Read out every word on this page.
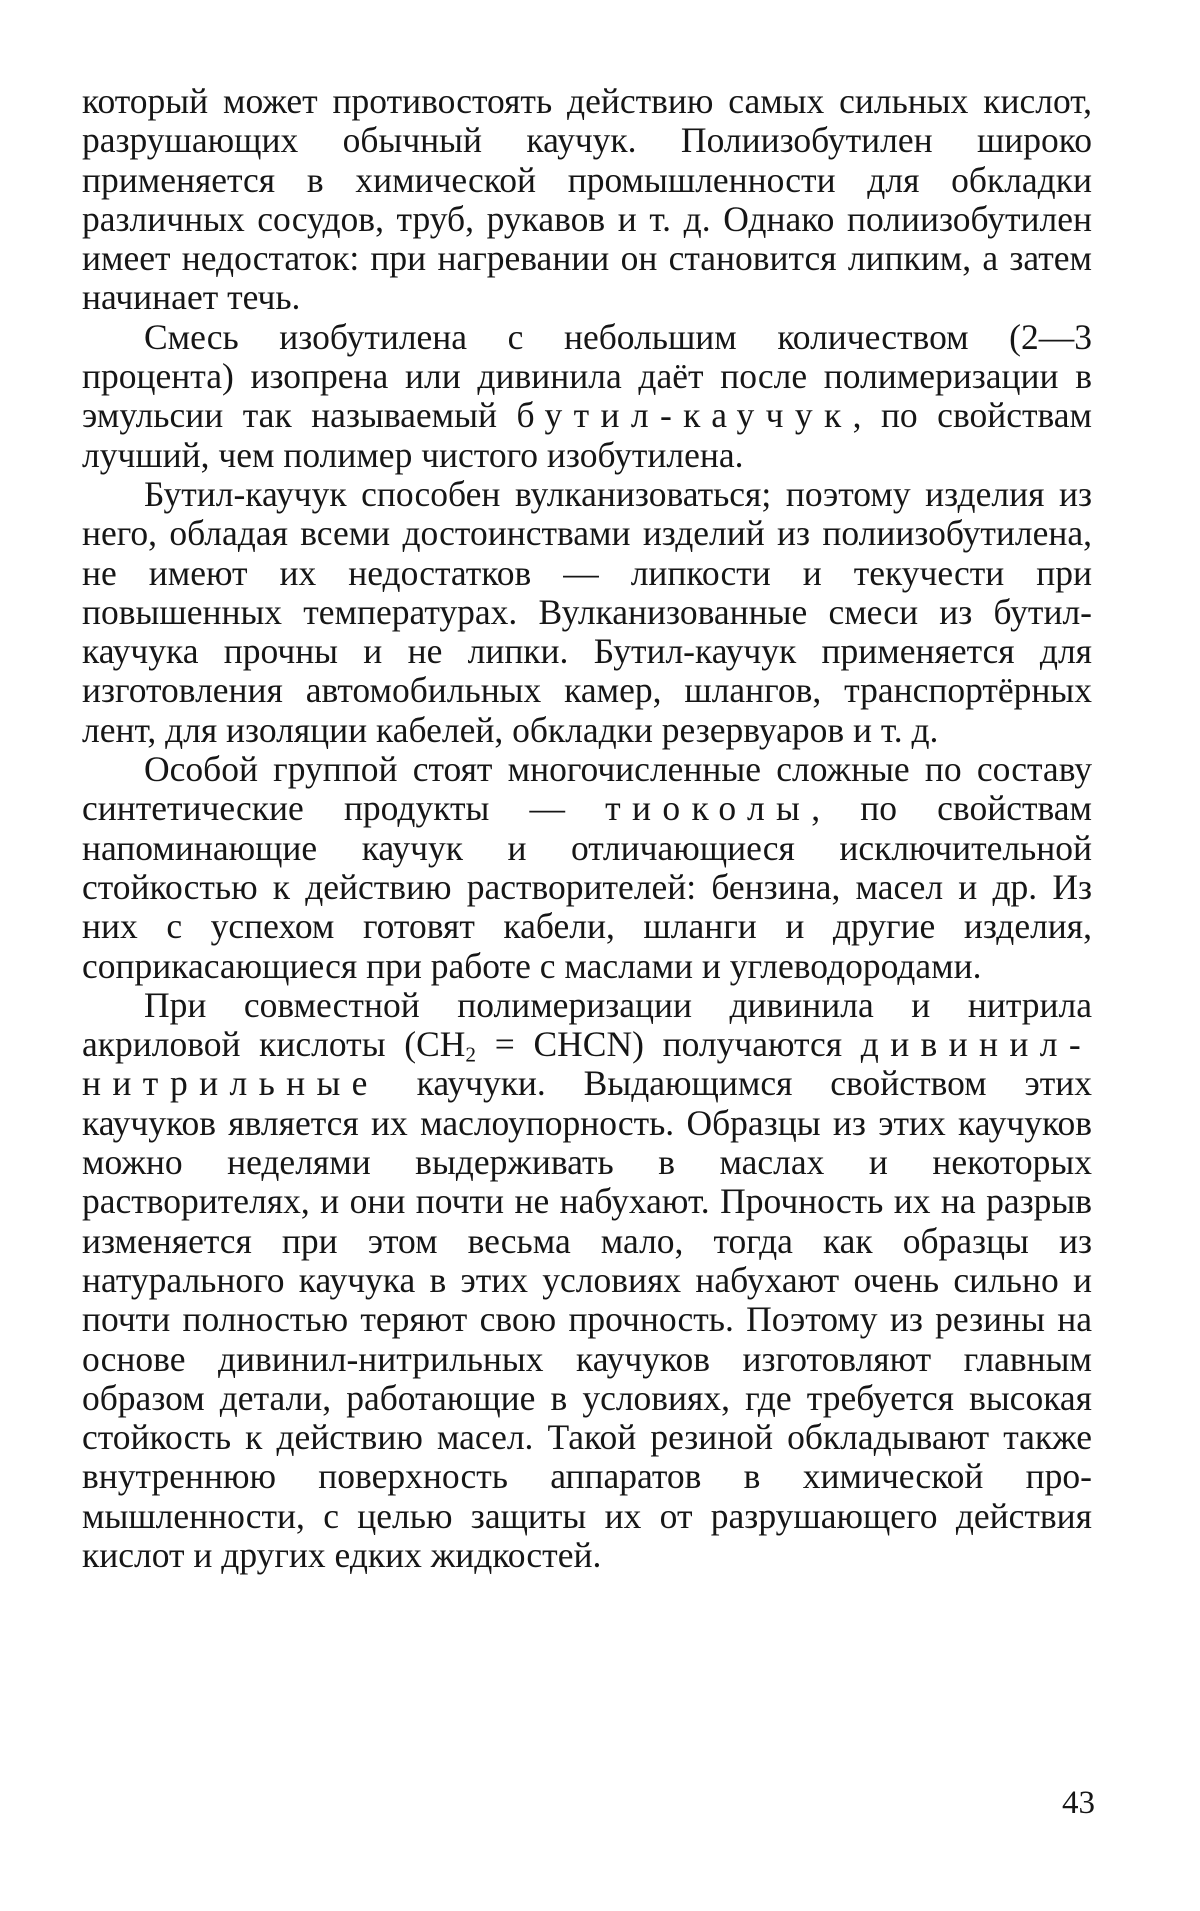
который может противостоять действию самых сильных кислот, разрушающих обычный каучук. Полиизобутилен широко применяется в химической промышленности для обкладки различных сосудов, труб, рукавов и т. д. Однако полиизобутилен имеет недостаток: при нагревании он становится липким, а затем начинает течь.

Смесь изобутилена с небольшим количеством (2—3 процента) изопрена или дивинила даёт после полимеризации в эмульсии так называемый бутил-каучук, по свойствам лучший, чем полимер чистого изобутилена.

Бутил-каучук способен вулканизоваться; поэтому изделия из него, обладая всеми достоинствами изделий из полиизобутилена, не имеют их недостатков — липкости и текучести при повышенных температурах. Вулканизованные смеси из бутил-каучука прочны и не липки. Бутил-каучук применяется для изготовления автомобильных камер, шлангов, транспортёрных лент, для изоляции кабелей, обкладки резервуаров и т. д.

Особой группой стоят многочисленные сложные по составу синтетические продукты — тиоколы, по свойствам напоминающие каучук и отличающиеся исключительной стойкостью к действию растворителей: бензина, масел и др. Из них с успехом готовят кабели, шланги и другие изделия, соприкасающиеся при работе с маслами и углеводородами.

При совместной полимеризации дивинила и нитрила акриловой кислоты ($CH_2$ = CHCN) получаются дивинил-нитрильные каучуки. Выдающимся свойством этих каучуков является их маслоупорность. Образцы из этих каучуков можно неделями выдерживать в маслах и некоторых растворителях, и они почти не набухают. Прочность их на разрыв изменяется при этом весьма мало, тогда как образцы из натурального каучука в этих условиях набухают очень сильно и почти полностью теряют свою прочность. Поэтому из резины на основе дивинил-нитрильных каучуков изготовляют главным образом детали, работающие в условиях, где требуется высокая стойкость к действию масел. Такой резиной обкладывают также внутреннюю поверхность аппаратов в химической промышленности, с целью защиты их от разрушающего действия кислот и других едких жидкостей.

43
